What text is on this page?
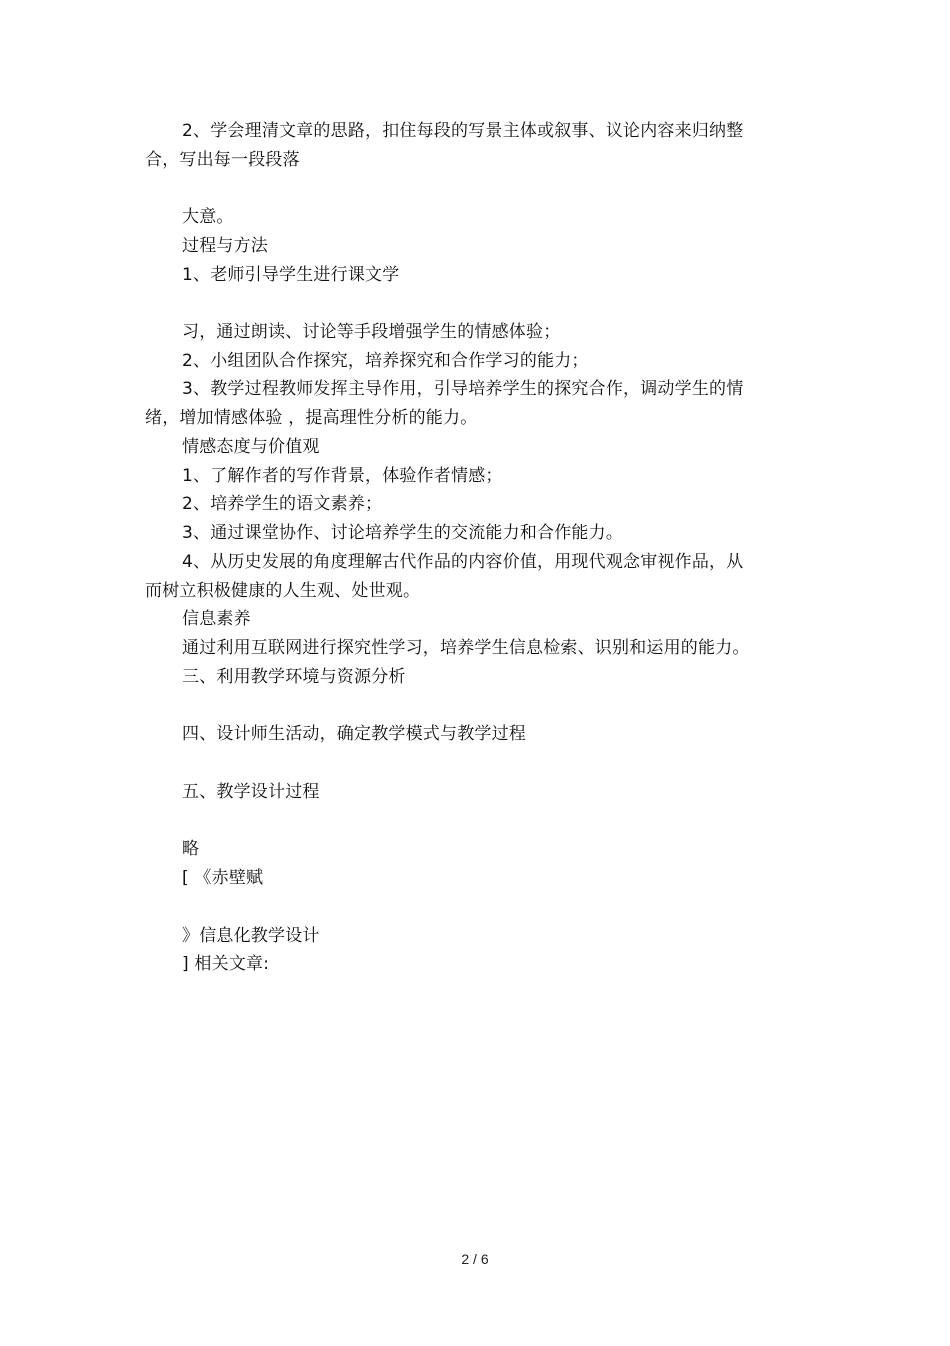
2、学会理清文章的思路，扣住每段的写景主体或叙事、议论内容来归纳整
合，写出每一段段落
大意。
过程与方法
1、老师引导学生进行课文学
习，通过朗读、讨论等手段增强学生的情感体验；
2、小组团队合作探究，培养探究和合作学习的能力；
3、教学过程教师发挥主导作用，引导培养学生的探究合作，调动学生的情
绪，增加情感体验 ，提高理性分析的能力。
情感态度与价值观
1、了解作者的写作背景，体验作者情感；
2、培养学生的语文素养；
3、通过课堂协作、讨论培养学生的交流能力和合作能力。
4、从历史发展的角度理解古代作品的内容价值，用现代观念审视作品，从
而树立积极健康的人生观、处世观。
信息素养
通过利用互联网进行探究性学习，培养学生信息检索、识别和运用的能力。
三、利用教学环境与资源分析
四、设计师生活动，确定教学模式与教学过程
五、教学设计过程
略
[ 《赤壁赋
》信息化教学设计
] 相关文章:
2 / 6
